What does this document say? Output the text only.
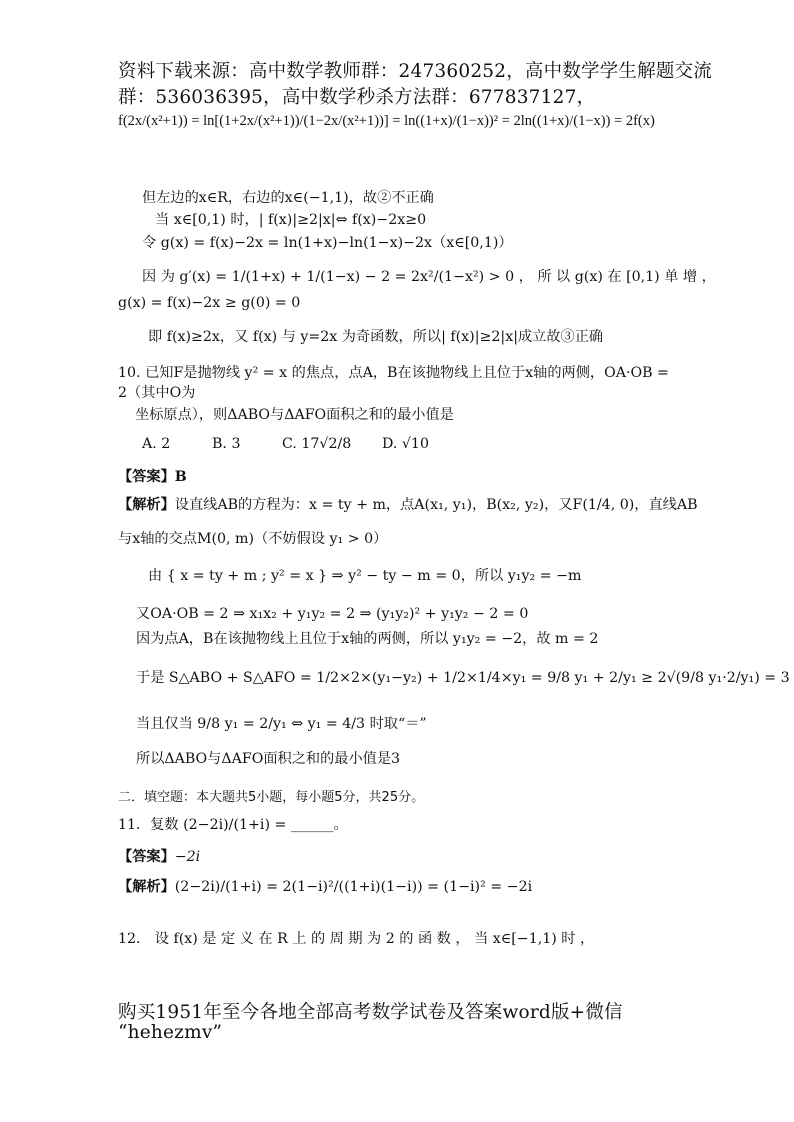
资料下载来源：高中数学教师群：247360252，高中数学学生解题交流
群：536036395，高中数学秒杀方法群：677837127，
f(2x/(x²+1)) = ln[(1+2x/(x²+1))/(1−2x/(x²+1))] = ln((1+x)/(1−x))² = 2ln((1+x)/(1−x)) = 2f(x)
但左边的x∈R，右边的x∈(−1,1)，故②不正确
当 x∈[0,1) 时，| f(x)|≥2|x|⇔ f(x)−2x≥0
令 g(x) = f(x)−2x = ln(1+x)−ln(1−x)−2x（x∈[0,1)）
因 为 g′(x) = 1/(1+x) + 1/(1−x) − 2 = 2x²/(1−x²) > 0 ， 所 以 g(x) 在 [0,1) 单 增 ，
g(x) = f(x)−2x ≥ g(0) = 0
即 f(x)≥2x，又 f(x) 与 y=2x 为奇函数，所以| f(x)|≥2|x|成立故③正确
10. 已知F是抛物线 y² = x 的焦点，点A，B在该抛物线上且位于x轴的两侧，OA·OB = 2（其中O为
坐标原点），则ΔABO与ΔAFO面积之和的最小值是
A. 2	B. 3	C. 17√2/8 D. √10
【答案】B
【解析】设直线AB的方程为：x = ty + m，点A(x₁, y₁)，B(x₂, y₂)，又F(1/4, 0)，直线AB
与x轴的交点M(0, m)（不妨假设 y₁ > 0）
由 { x = ty + m ; y² = x } ⇒ y² − ty − m = 0，所以 y₁y₂ = −m
又OA·OB = 2 ⇒ x₁x₂ + y₁y₂ = 2 ⇒ (y₁y₂)² + y₁y₂ − 2 = 0
因为点A，B在该抛物线上且位于x轴的两侧，所以 y₁y₂ = −2，故 m = 2
于是 S△ABO + S△AFO = 1/2×2×(y₁−y₂) + 1/2×1/4×y₁ = 9/8 y₁ + 2/y₁ ≥ 2√(9/8 y₁·2/y₁) = 3
当且仅当 9/8 y₁ = 2/y₁ ⇔ y₁ = 4/3 时取“＝”
所以ΔABO与ΔAFO面积之和的最小值是3
二．填空题：本大题共5小题，每小题5分，共25分。
11．复数 (2−2i)/(1+i) = ______。
【答案】−2i
【解析】(2−2i)/(1+i) = 2(1−i)²/((1+i)(1−i)) = (1−i)² = −2i
12． 设 f(x) 是 定 义 在 R 上 的 周 期 为 2 的 函 数 ， 当 x∈[−1,1) 时 ，
购买1951年至今各地全部高考数学试卷及答案word版+微信
“hehezmv”
